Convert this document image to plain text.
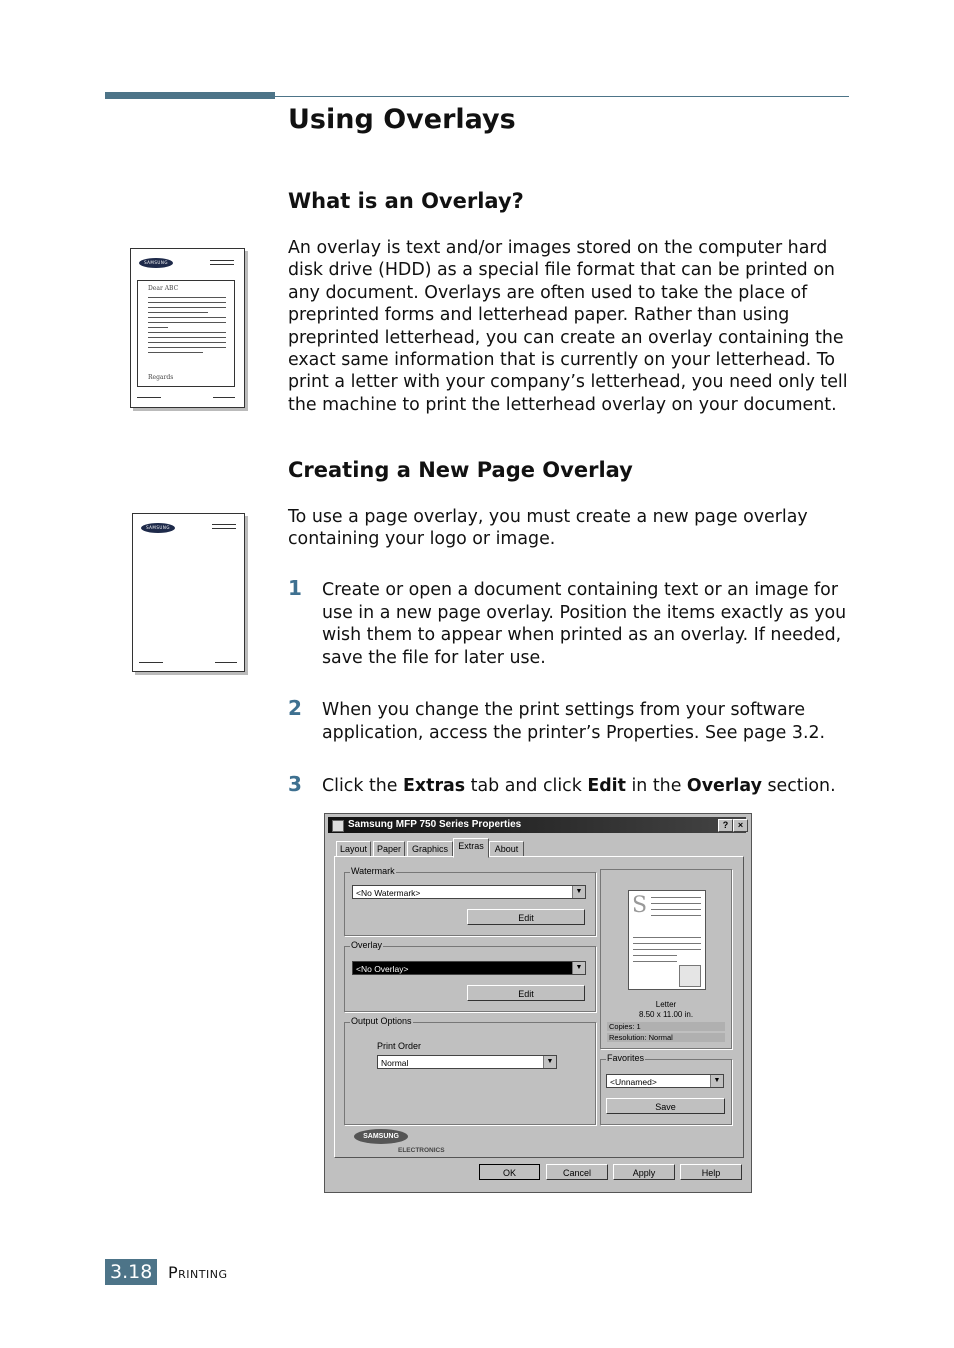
Using Overlays
What is an Overlay?

An overlay is text and/or images stored on the computer hard disk drive (HDD) as a special file format that can be printed on any document. Overlays are often used to take the place of preprinted forms and letterhead paper. Rather than using preprinted letterhead, you can create an overlay containing the exact same information that is currently on your letterhead. To print a letter with your company’s letterhead, you need only tell the machine to print the letterhead overlay on your document.

SAMSUNG
Dear ABC
Regards
Creating a New Page Overlay

To use a page overlay, you must create a new page overlay containing your logo or image.

SAMSUNG
1 Create or open a document containing text or an image for use in a new page overlay. Position the items exactly as you wish them to appear when printed as an overlay. If needed, save the file for later use.

2 When you change the print settings from your software application, access the printer’s Properties. See page 3.2.

3 Click the Extras tab and click Edit in the Overlay section.

Samsung MFP 750 Series Properties	?	×
Layout	Paper	Graphics	Extras	About
Watermark
<No Watermark>	▼
Edit
Overlay
<No Overlay>	▼
Edit
Output Options
Print Order
Normal	▼
S
Letter
8.50 x 11.00 in.
Copies: 1
Resolution: Normal
Favorites
<Unnamed>	▼
Save
SAMSUNG
ELECTRONICS
OK	Cancel	Apply	Help
3.18 Printing
